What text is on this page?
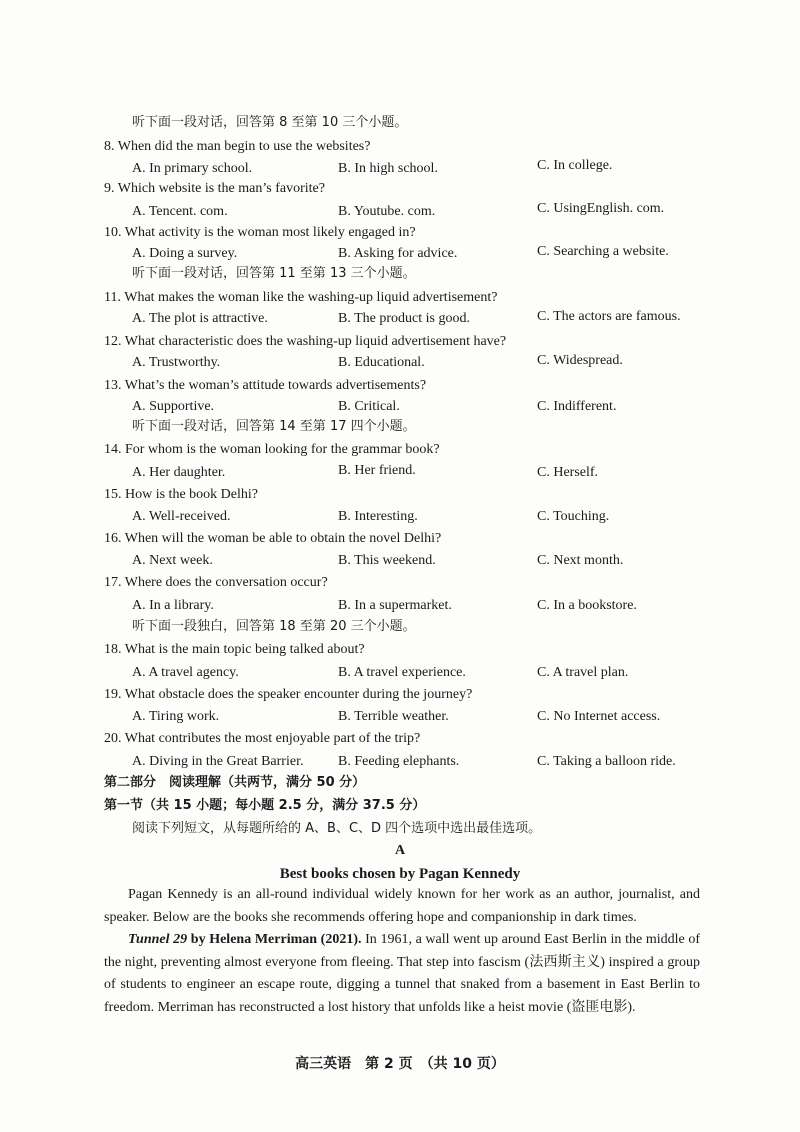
听下面一段对话，回答第 8 至第 10 三个小题。
8. When did the man begin to use the websites?
A. In primary school.	B. In high school.	C. In college.
9. Which website is the man’s favorite?
A. Tencent. com.	B. Youtube. com.	C. UsingEnglish. com.
10. What activity is the woman most likely engaged in?
A. Doing a survey.	B. Asking for advice.	C. Searching a website.
听下面一段对话，回答第 11 至第 13 三个小题。
11. What makes the woman like the washing-up liquid advertisement?
A. The plot is attractive.	B. The product is good.	C. The actors are famous.
12. What characteristic does the washing-up liquid advertisement have?
A. Trustworthy.	B. Educational.	C. Widespread.
13. What’s the woman’s attitude towards advertisements?
A. Supportive.	B. Critical.	C. Indifferent.
听下面一段对话，回答第 14 至第 17 四个小题。
14. For whom is the woman looking for the grammar book?
A. Her daughter.	B. Her friend.	C. Herself.
15. How is the book Delhi?
A. Well-received.	B. Interesting.	C. Touching.
16. When will the woman be able to obtain the novel Delhi?
A. Next week.	B. This weekend.	C. Next month.
17. Where does the conversation occur?
A. In a library.	B. In a supermarket.	C. In a bookstore.
听下面一段独白，回答第 18 至第 20 三个小题。
18. What is the main topic being talked about?
A. A travel agency.	B. A travel experience.	C. A travel plan.
19. What obstacle does the speaker encounter during the journey?
A. Tiring work.	B. Terrible weather.	C. No Internet access.
20. What contributes the most enjoyable part of the trip?
A. Diving in the Great Barrier. B. Feeding elephants.	C. Taking a balloon ride.
第二部分　阅读理解（共两节，满分 50 分）
第一节（共 15 小题；每小题 2.5 分，满分 37.5 分）
阅读下列短文，从每题所给的 A、B、C、D 四个选项中选出最佳选项。
A
Best books chosen by Pagan Kennedy
Pagan Kennedy is an all-round individual widely known for her work as an author, journalist, and speaker. Below are the books she recommends offering hope and companionship in dark times.
Tunnel 29 by Helena Merriman (2021). In 1961, a wall went up around East Berlin in the middle of the night, preventing almost everyone from fleeing. That step into fascism (法西斯主义) inspired a group of students to engineer an escape route, digging a tunnel that snaked from a basement in East Berlin to freedom. Merriman has reconstructed a lost history that unfolds like a heist movie (盗匪电影).
高三英语　第 2 页　（共 10 页）
